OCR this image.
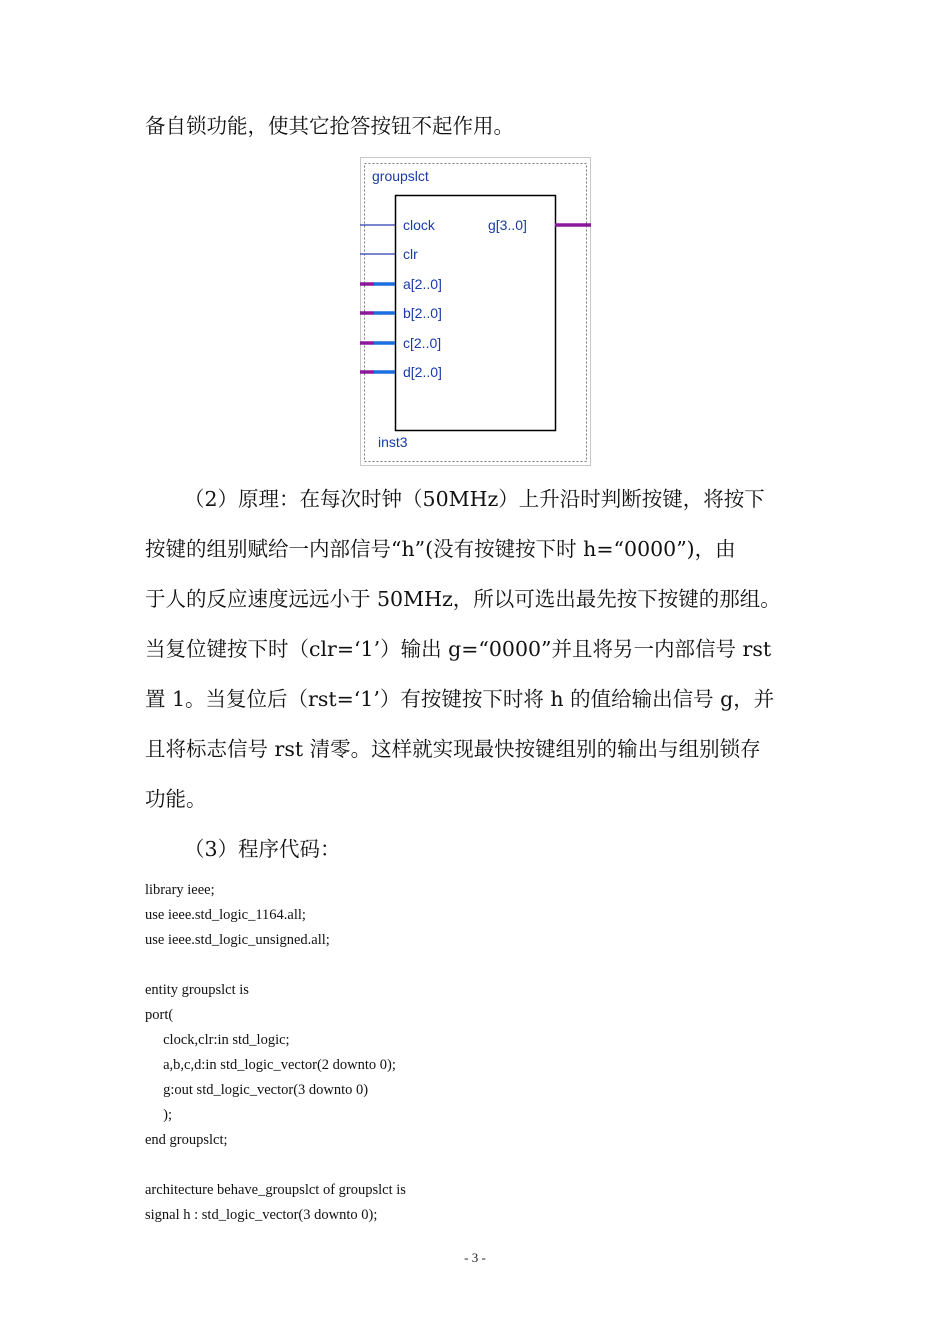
备自锁功能，使其它抢答按钮不起作用。
groupslct
inst3
clock
clr
a[2..0]
b[2..0]
c[2..0]
d[2..0]
g[3..0]
（2）原理：在每次时钟（50MHz）上升沿时判断按键，将按下
按键的组别赋给一内部信号“h”(没有按键按下时 h=“0000”)，由
于人的反应速度远远小于 50MHz，所以可选出最先按下按键的那组。
当复位键按下时（clr=‘1’）输出 g=“0000”并且将另一内部信号 rst
置 1。当复位后（rst=‘1’）有按键按下时将 h 的值给输出信号 g，并
且将标志信号 rst 清零。这样就实现最快按键组别的输出与组别锁存
功能。
（3）程序代码：
library ieee;
use ieee.std_logic_1164.all;
use ieee.std_logic_unsigned.all;
entity groupslct is
port(
clock,clr:in std_logic;
a,b,c,d:in std_logic_vector(2 downto 0);
g:out std_logic_vector(3 downto 0)
);
end groupslct;
architecture behave_groupslct of groupslct is
signal h : std_logic_vector(3 downto 0);
- 3 -
